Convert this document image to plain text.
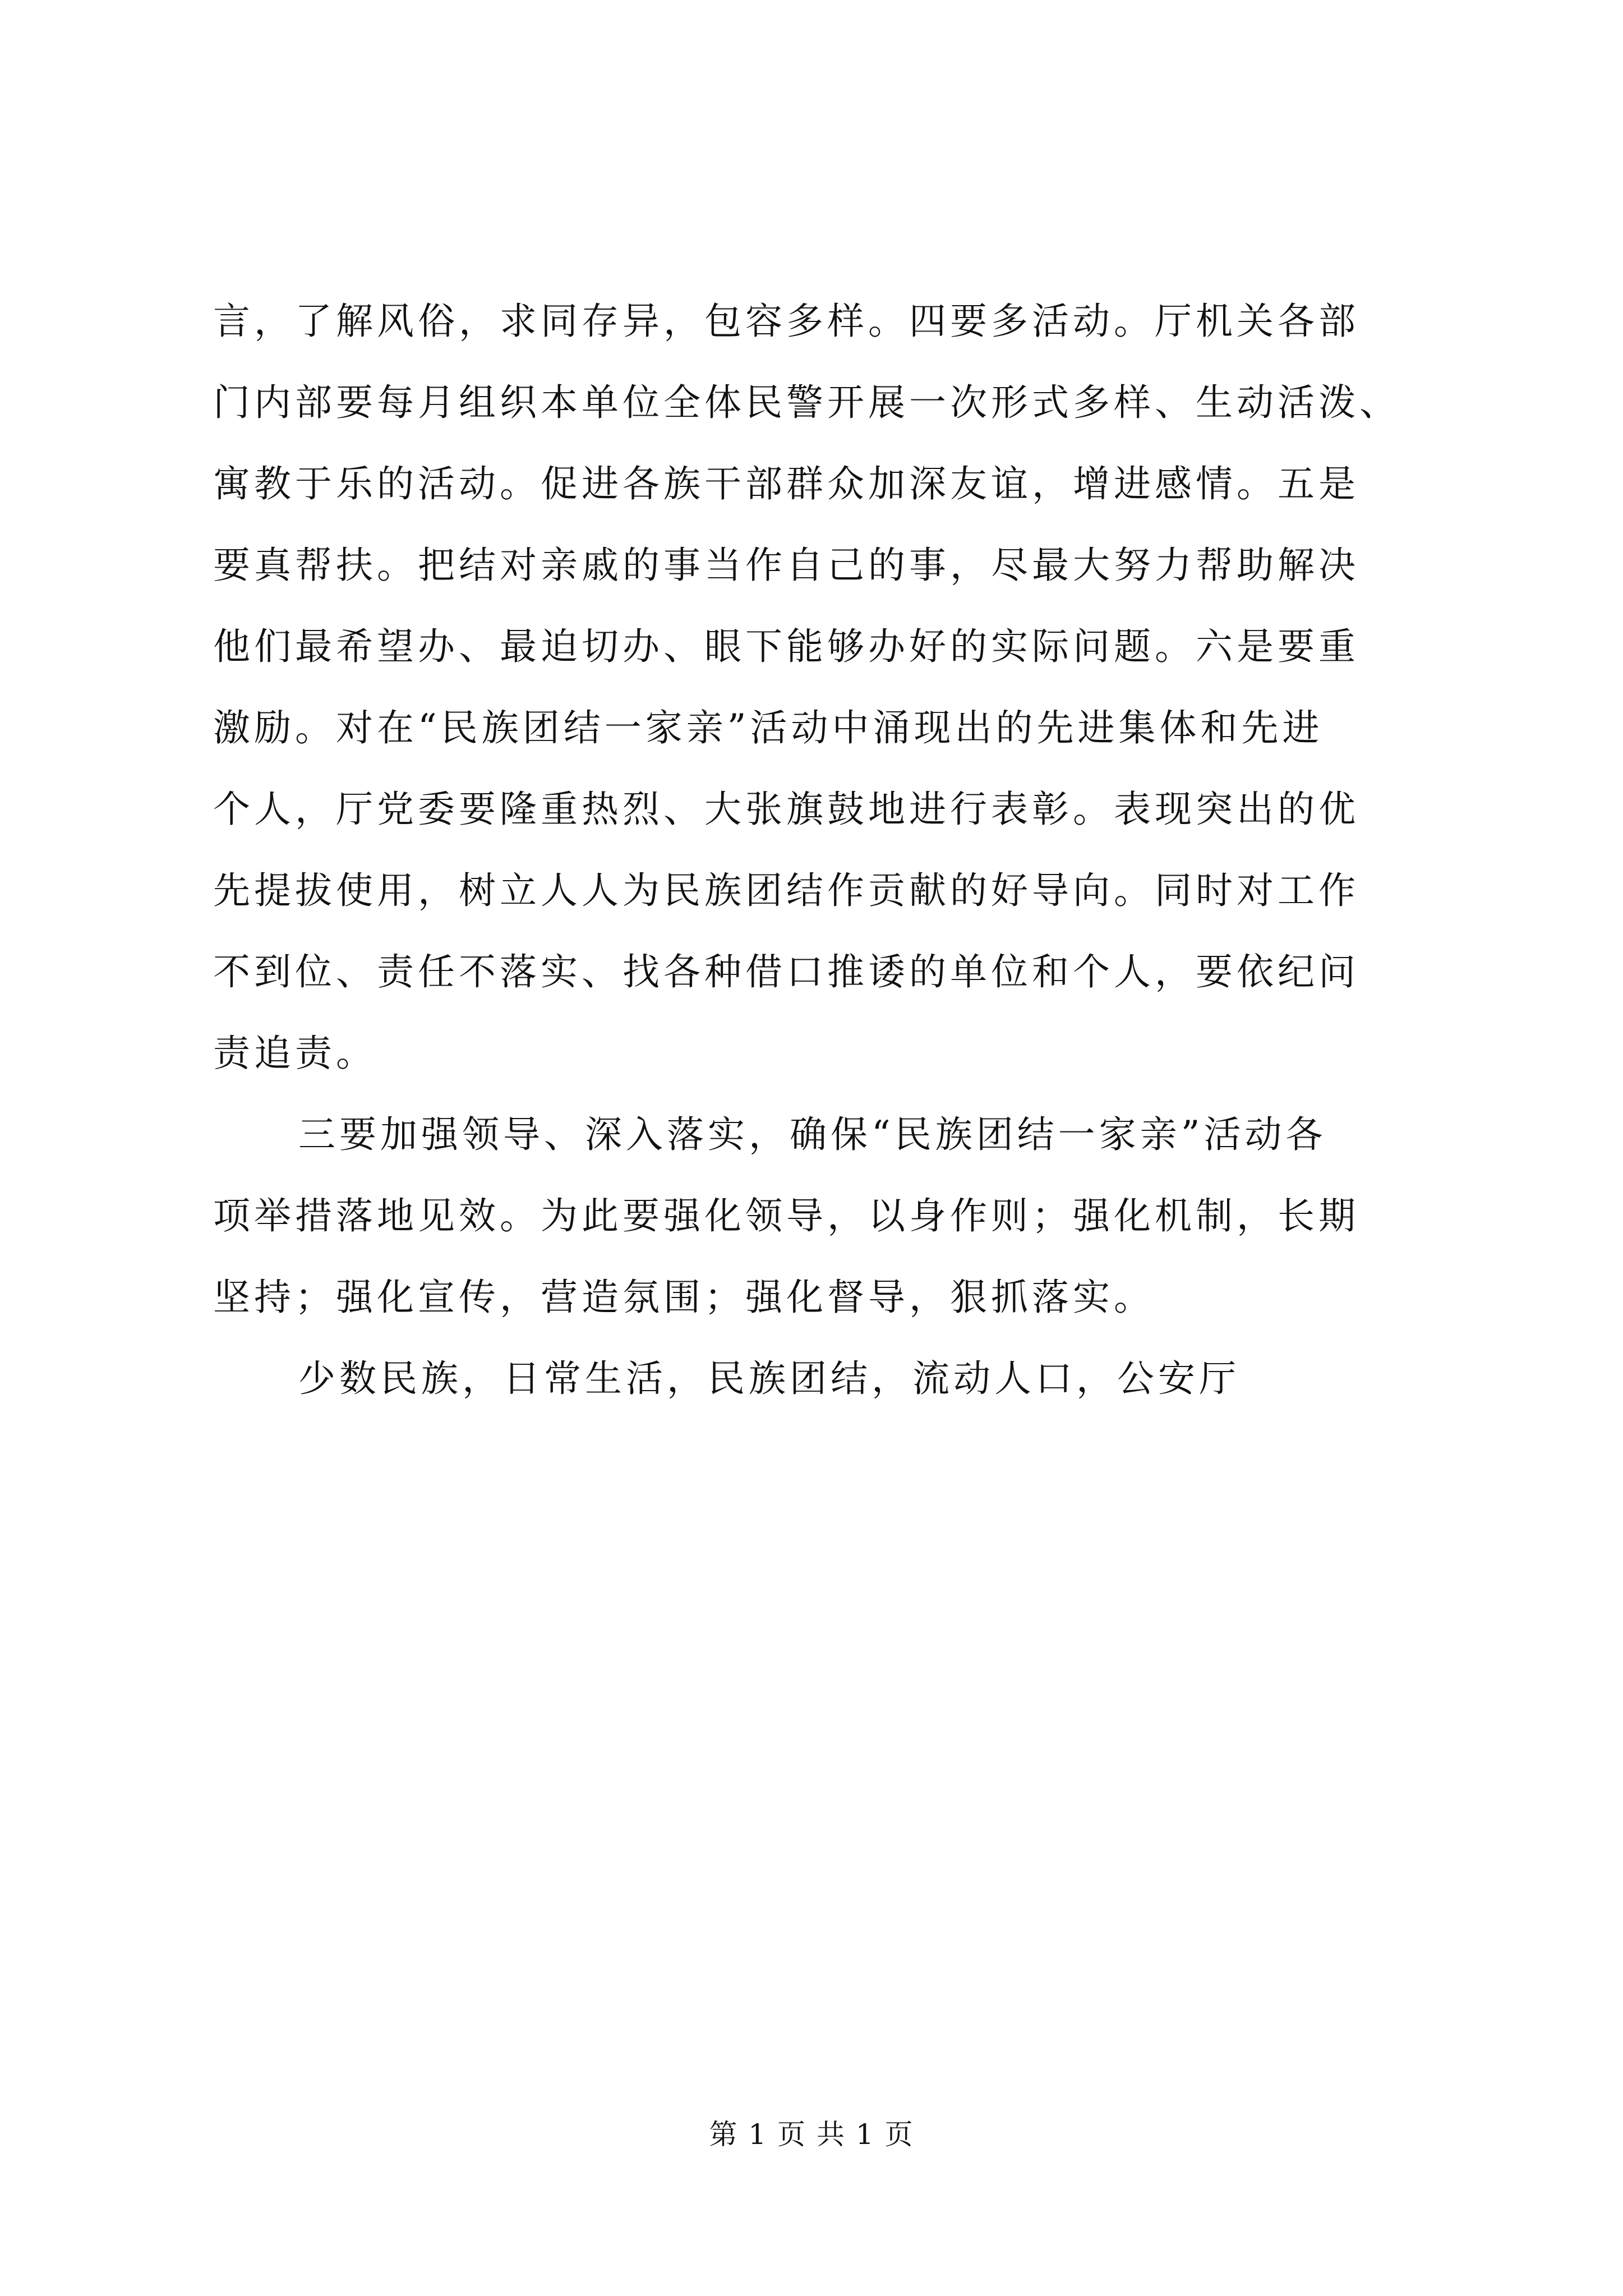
言，了解风俗，求同存异，包容多样。四要多活动。厅机关各部
门内部要每月组织本单位全体民警开展一次形式多样、生动活泼、
寓教于乐的活动。促进各族干部群众加深友谊，增进感情。五是
要真帮扶。把结对亲戚的事当作自己的事，尽最大努力帮助解决
他们最希望办、最迫切办、眼下能够办好的实际问题。六是要重
激励。对在“民族团结一家亲”活动中涌现出的先进集体和先进
个人，厅党委要隆重热烈、大张旗鼓地进行表彰。表现突出的优
先提拔使用，树立人人为民族团结作贡献的好导向。同时对工作
不到位、责任不落实、找各种借口推诿的单位和个人，要依纪问
责追责。
三要加强领导、深入落实，确保“民族团结一家亲”活动各
项举措落地见效。为此要强化领导，以身作则；强化机制，长期
坚持；强化宣传，营造氛围；强化督导，狠抓落实。
少数民族，日常生活，民族团结，流动人口，公安厅
第 1 页 共 1 页
